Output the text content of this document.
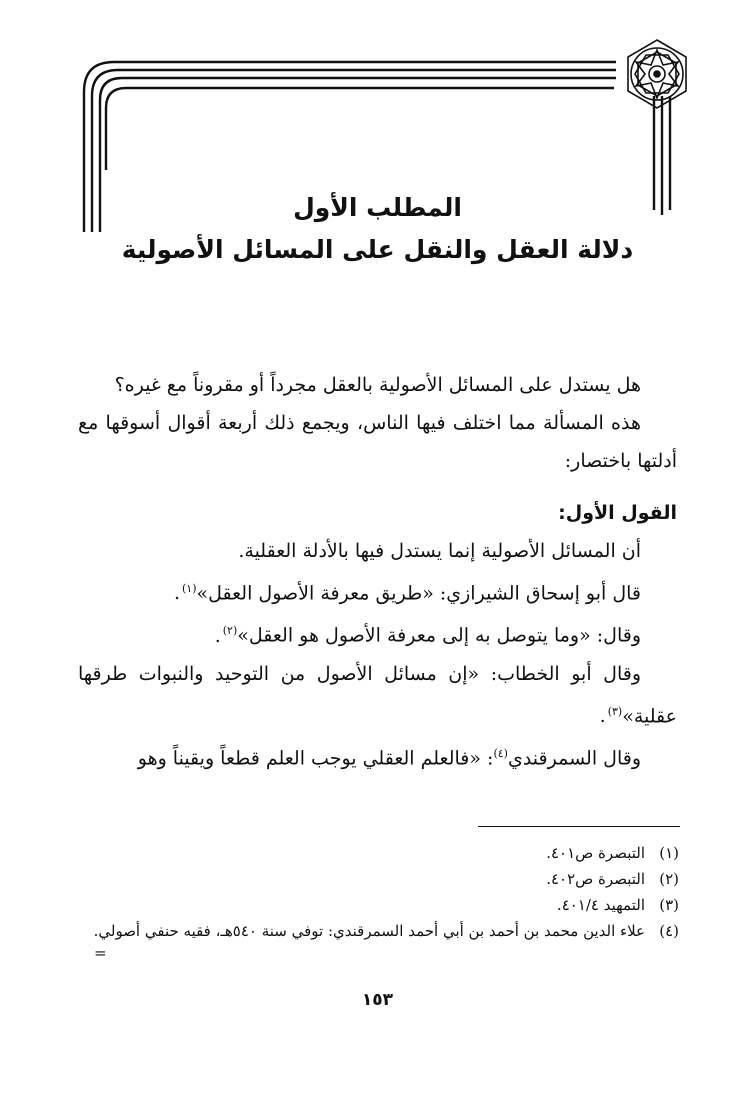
المطلب الأول
دلالة العقل والنقل على المسائل الأصولية

هل يستدل على المسائل الأصولية بالعقل مجرداً أو مقروناً مع غيره؟

هذه المسألة مما اختلف فيها الناس، ويجمع ذلك أربعة أقوال أسوقها مع أدلتها باختصار:

القول الأول:

أن المسائل الأصولية إنما يستدل فيها بالأدلة العقلية.

قال أبو إسحاق الشيرازي: «طريق معرفة الأصول العقل»$^{(١)}$.

وقال: «وما يتوصل به إلى معرفة الأصول هو العقل»$^{(٢)}$.

وقال أبو الخطاب: «إن مسائل الأصول من التوحيد والنبوات طرقها عقلية»$^{(٣)}$.

وقال السمرقندي$^{(٤)}$: «فالعلم العقلي يوجب العلم قطعاً ويقيناً وهو

(١)
التبصرة ص٤٠١.
(٢)
التبصرة ص٤٠٢.
(٣)
التمهيد ٤٠١/٤.
(٤)
علاء الدين محمد بن أحمد بن أبي أحمد السمرقندي: توفي سنة ٥٤٠هـ، فقيه حنفي أصولي.
=
١٥٣
